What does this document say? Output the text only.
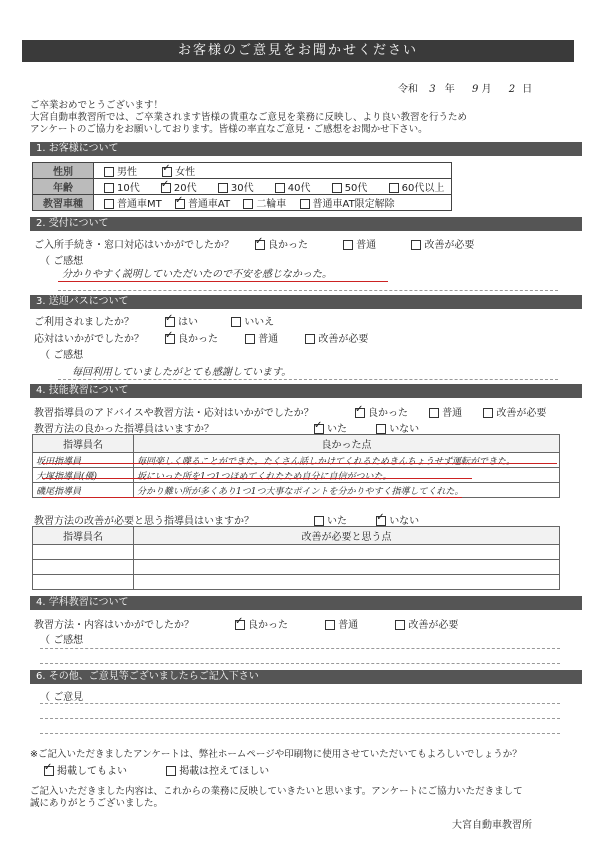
お客様のご意見をお聞かせください
令和 3 年 9 月 2 日
ご卒業おめでとうございます！
大宮自動車教習所では、ご卒業されます皆様の貴重なご意見を業務に反映し、より良い教習を行うため
アンケートのご協力をお願いしております。皆様の率直なご意見・ご感想をお聞かせ下さい。
1. お客様について
性別	男性 ✓ 女性
年齢	10代 ✓ 20代 30代 40代 50代 60代以上
教習車種	普通車MT ✓ 普通車AT 二輪車 普通車AT限定解除
2. 受付について
ご入所手続き・窓口対応はいかがでしたか？ ✓	良かった	普通	改善が必要
（ ご感想
分かりやすく説明していただいたので不安を感じなかった。
3. 送迎バスについて
ご利用されましたか？ ✓	はい	いいえ
応対はいかがでしたか？ ✓	良かった	普通	改善が必要
（ ご感想
毎回利用していましたがとても感謝しています。
4. 技能教習について
教習指導員のアドバイスや教習方法・応対はいかがでしたか？ ✓	良かった	普通	改善が必要
教習方法の良かった指導員はいますか？ ✓	いた	いない
指導員名	良かった点
坂田指導員	毎回楽しく喋ることができた。たくさん話しかけてくれるためきんちょうせず運転ができた。
大塚指導員(優)	坂にいった所を1つ1つほめてくれたため自分に自信がついた。
磯尾指導員	分かり難い所が多くあり1つ1つ大事なポイントを分かりやすく指導してくれた。
教習方法の改善が必要と思う指導員はいますか？	いた ✓	いない
指導員名	改善が必要と思う点

4. 学科教習について
教習方法・内容はいかがでしたか？ ✓	良かった	普通	改善が必要
（ ご感想
6. その他、ご意見等ございましたらご記入下さい
（ ご意見
※ご記入いただきましたアンケートは、弊社ホームページや印刷物に使用させていただいてもよろしいでしょうか？
✓掲載してもよい	掲載は控えてほしい
ご記入いただきました内容は、これからの業務に反映していきたいと思います。アンケートにご協力いただきまして
誠にありがとうございました。
大宮自動車教習所
